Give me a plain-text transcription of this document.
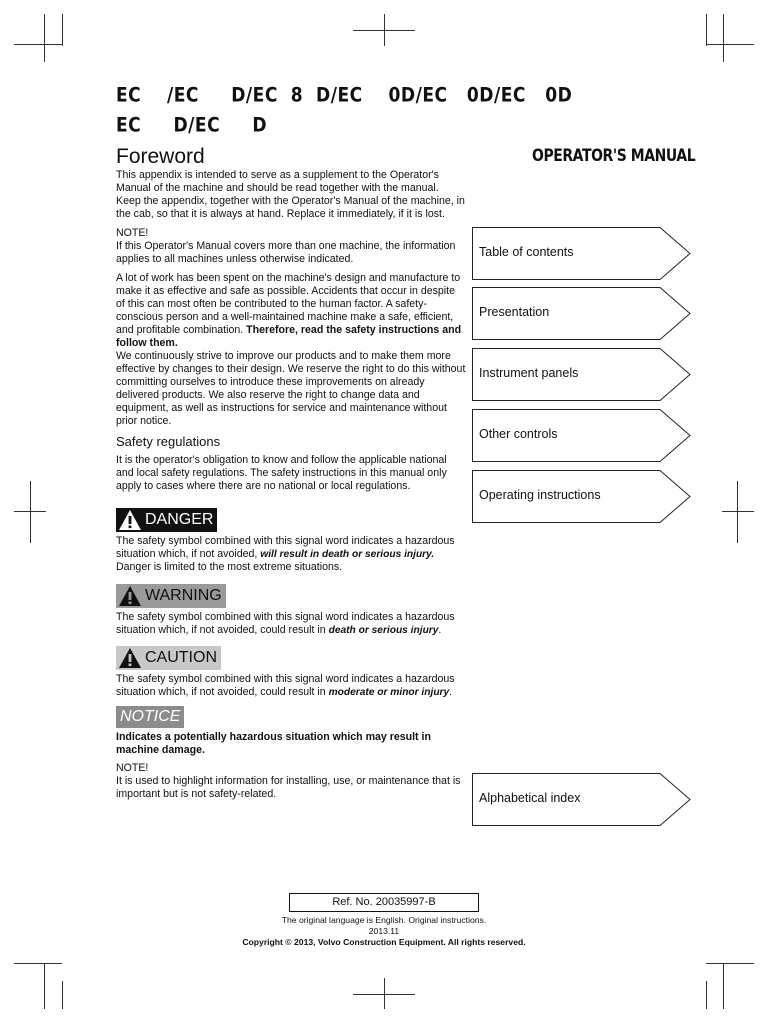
EC    /EC     D/EC  8  D/EC    0D/EC   0D/EC   0D
EC     D/EC     D
OPERATOR'S MANUAL
Foreword

This appendix is intended to serve as a supplement to the Operator's Manual of the machine and should be read together with the manual. Keep the appendix, together with the Operator's Manual of the machine, in the cab, so that it is always at hand. Replace it immediately, if it is lost.

NOTE!

If this Operator's Manual covers more than one machine, the information applies to all machines unless otherwise indicated.

A lot of work has been spent on the machine's design and manufacture to make it as effective and safe as possible. Accidents that occur in despite of this can most often be contributed to the human factor. A safety-conscious person and a well-maintained machine make a safe, efficient, and profitable combination. Therefore, read the safety instructions and follow them.

We continuously strive to improve our products and to make them more effective by changes to their design. We reserve the right to do this without committing ourselves to introduce these improvements on already delivered products. We also reserve the right to change data and equipment, as well as instructions for service and maintenance without prior notice.

Safety regulations
It is the operator's obligation to know and follow the applicable national and local safety regulations. The safety instructions in this manual only apply to cases where there are no national or local regulations.
DANGER
The safety symbol combined with this signal word indicates a hazardous situation which, if not avoided, will result in death or serious injury. Danger is limited to the most extreme situations.
WARNING
The safety symbol combined with this signal word indicates a hazardous situation which, if not avoided, could result in death or serious injury.
CAUTION
The safety symbol combined with this signal word indicates a hazardous situation which, if not avoided, could result in moderate or minor injury.
NOTICE
Indicates a potentially hazardous situation which may result in machine damage.

NOTE!

It is used to highlight information for installing, use, or maintenance that is important but is not safety-related.

Table of contents
Presentation
Instrument panels
Other controls
Operating instructions
Alphabetical index
Ref. No. 20035997-B
The original language is English. Original instructions.
2013.11
Copyright © 2013, Volvo Construction Equipment. All rights reserved.
